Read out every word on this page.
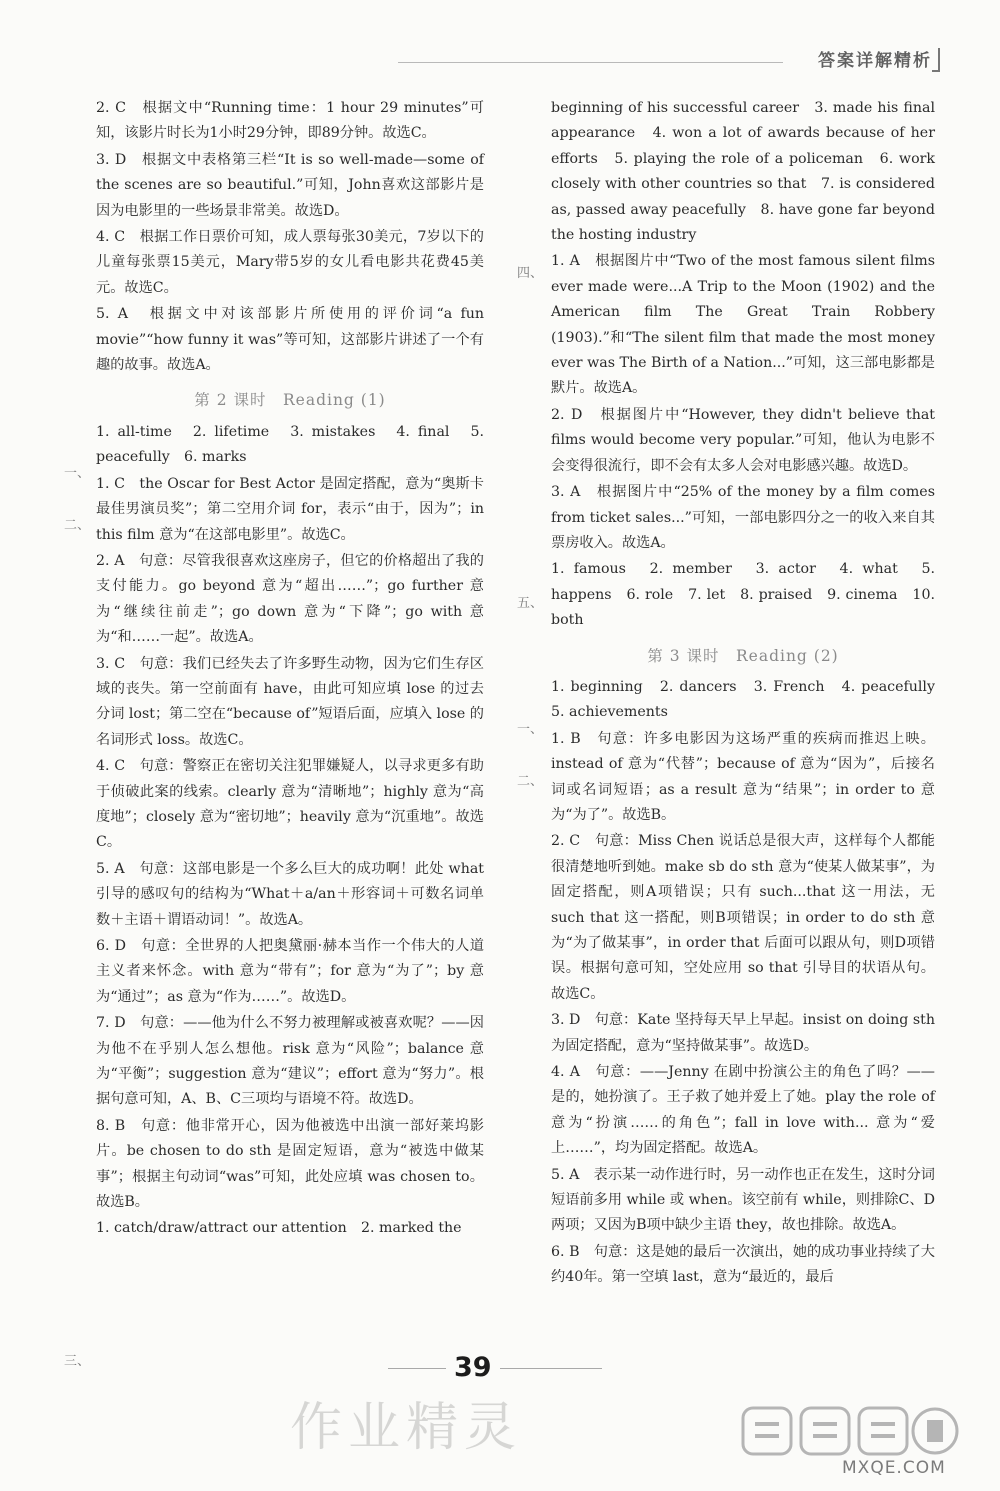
答案详解精析
2. C　根据文中“Running time：1 hour 29 minutes”可知，该影片时长为1小时29分钟，即89分钟。故选C。
3. D　根据文中表格第三栏“It is so well-made—some of the scenes are so beautiful.”可知，John喜欢这部影片是因为电影里的一些场景非常美。故选D。
4. C　根据工作日票价可知，成人票每张30美元，7岁以下的儿童每张票15美元，Mary带5岁的女儿看电影共花费45美元。故选C。
5. A　根据文中对该部影片所使用的评价词“a fun movie”“how funny it was”等可知，这部影片讲述了一个有趣的故事。故选A。
第 2 课时　Reading (1)
1. all-time　2. lifetime　3. mistakes　4. final　5. peacefully　6. marks
1. C　the Oscar for Best Actor 是固定搭配，意为“奥斯卡最佳男演员奖”；第二空用介词 for，表示“由于，因为”；in this film 意为“在这部电影里”。故选C。
2. A　句意：尽管我很喜欢这座房子，但它的价格超出了我的支付能力。go beyond 意为“超出……”；go further 意为“继续往前走”；go down 意为“下降”；go with 意为“和……一起”。故选A。
3. C　句意：我们已经失去了许多野生动物，因为它们生存区域的丧失。第一空前面有 have，由此可知应填 lose 的过去分词 lost；第二空在“because of”短语后面，应填入 lose 的名词形式 loss。故选C。
4. C　句意：警察正在密切关注犯罪嫌疑人，以寻求更多有助于侦破此案的线索。clearly 意为“清晰地”；highly 意为“高度地”；closely 意为“密切地”；heavily 意为“沉重地”。故选C。
5. A　句意：这部电影是一个多么巨大的成功啊！此处 what 引导的感叹句的结构为“What＋a/an＋形容词＋可数名词单数＋主语＋谓语动词！”。故选A。
6. D　句意：全世界的人把奥黛丽·赫本当作一个伟大的人道主义者来怀念。with 意为“带有”；for 意为“为了”；by 意为“通过”；as 意为“作为……”。故选D。
7. D　句意：——他为什么不努力被理解或被喜欢呢？——因为他不在乎别人怎么想他。risk 意为“风险”；balance 意为“平衡”；suggestion 意为“建议”；effort 意为“努力”。根据句意可知，A、B、C三项均与语境不符。故选D。
8. B　句意：他非常开心，因为他被选中出演一部好莱坞影片。be chosen to do sth 是固定短语，意为“被选中做某事”；根据主句动词“was”可知，此处应填 was chosen to。故选B。
1. catch/draw/attract our attention　2. marked the
一、
二、
三、
beginning of his successful career　3. made his final appearance　4. won a lot of awards because of her efforts　5. playing the role of a policeman　6. work closely with other countries so that　7. is considered as, passed away peacefully　8. have gone far beyond the hosting industry
1. A　根据图片中“Two of the most famous silent films ever made were...A Trip to the Moon (1902) and the American film The Great Train Robbery (1903).”和“The silent film that made the most money ever was The Birth of a Nation...”可知，这三部电影都是默片。故选A。
2. D　根据图片中“However, they didn't believe that films would become very popular.”可知，他认为电影不会变得很流行，即不会有太多人会对电影感兴趣。故选D。
3. A　根据图片中“25% of the money by a film comes from ticket sales...”可知，一部电影四分之一的收入来自其票房收入。故选A。
1. famous　2. member　3. actor　4. what　5. happens　6. role　7. let　8. praised　9. cinema　10. both
第 3 课时　Reading (2)
1. beginning　2. dancers　3. French　4. peacefully　5. achievements
1. B　句意：许多电影因为这场严重的疾病而推迟上映。instead of 意为“代替”；because of 意为“因为”，后接名词或名词短语；as a result 意为“结果”；in order to 意为“为了”。故选B。
2. C　句意：Miss Chen 说话总是很大声，这样每个人都能很清楚地听到她。make sb do sth 意为“使某人做某事”，为固定搭配，则A项错误；只有 such...that 这一用法，无 such that 这一搭配，则B项错误；in order to do sth 意为“为了做某事”，in order that 后面可以跟从句，则D项错误。根据句意可知，空处应用 so that 引导目的状语从句。故选C。
3. D　句意：Kate 坚持每天早上早起。insist on doing sth 为固定搭配，意为“坚持做某事”。故选D。
4. A　句意：——Jenny 在剧中扮演公主的角色了吗？——是的，她扮演了。王子救了她并爱上了她。play the role of 意为“扮演……的角色”；fall in love with... 意为“爱上……”，均为固定搭配。故选A。
5. A　表示某一动作进行时，另一动作也正在发生，这时分词短语前多用 while 或 when。该空前有 while，则排除C、D两项；又因为B项中缺少主语 they，故也排除。故选A。
6. B　句意：这是她的最后一次演出，她的成功事业持续了大约40年。第一空填 last，意为“最近的，最后
四、
五、
一、
二、
39
作业精灵
MXQE.COM
